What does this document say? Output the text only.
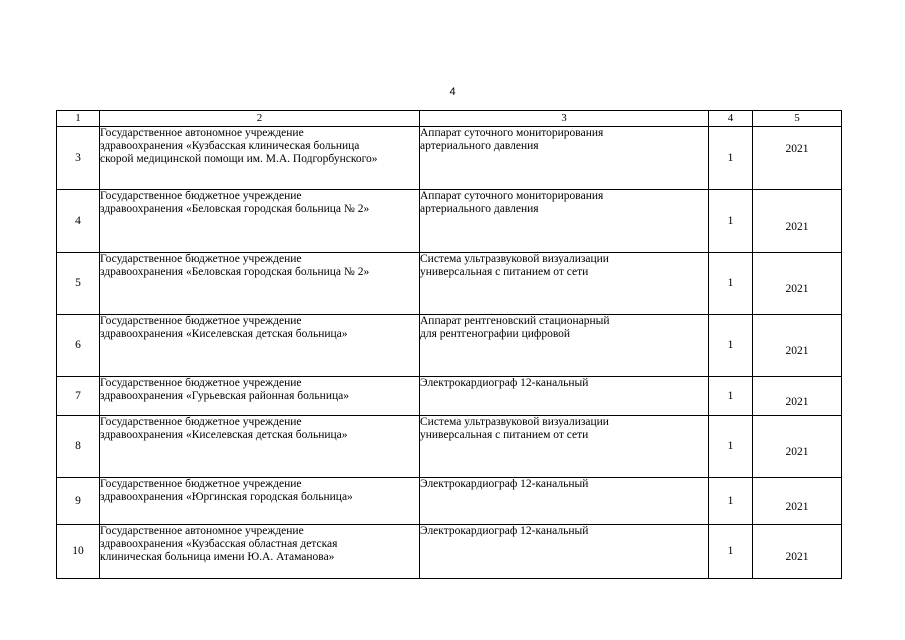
4
1	2	3	4	5
3	Государственное автономное учреждение
здравоохранения «Кузбасская клиническая больница
скорой медицинской помощи им. М.А. Подгорбунского»	Аппарат суточного мониторирования
артериального давления	1	2021
4	Государственное бюджетное учреждение
здравоохранения «Беловская городская больница № 2»	Аппарат суточного мониторирования
артериального давления	1	2021
5	Государственное бюджетное учреждение
здравоохранения «Беловская городская больница № 2»	Система ультразвуковой визуализации
универсальная с питанием от сети	1	2021
6	Государственное бюджетное учреждение
здравоохранения «Киселевская детская больница»	Аппарат рентгеновский стационарный
для рентгенографии цифровой	1	2021
7	Государственное бюджетное учреждение
здравоохранения «Гурьевская районная больница»	Электрокардиограф 12-канальный	1	2021
8	Государственное бюджетное учреждение
здравоохранения «Киселевская детская больница»	Система ультразвуковой визуализации
универсальная с питанием от сети	1	2021
9	Государственное бюджетное учреждение
здравоохранения «Юргинская городская больница»	Электрокардиограф 12-канальный	1	2021
10	Государственное автономное учреждение
здравоохранения «Кузбасская областная детская
клиническая больница имени Ю.А. Атаманова»	Электрокардиограф 12-канальный	1	2021
